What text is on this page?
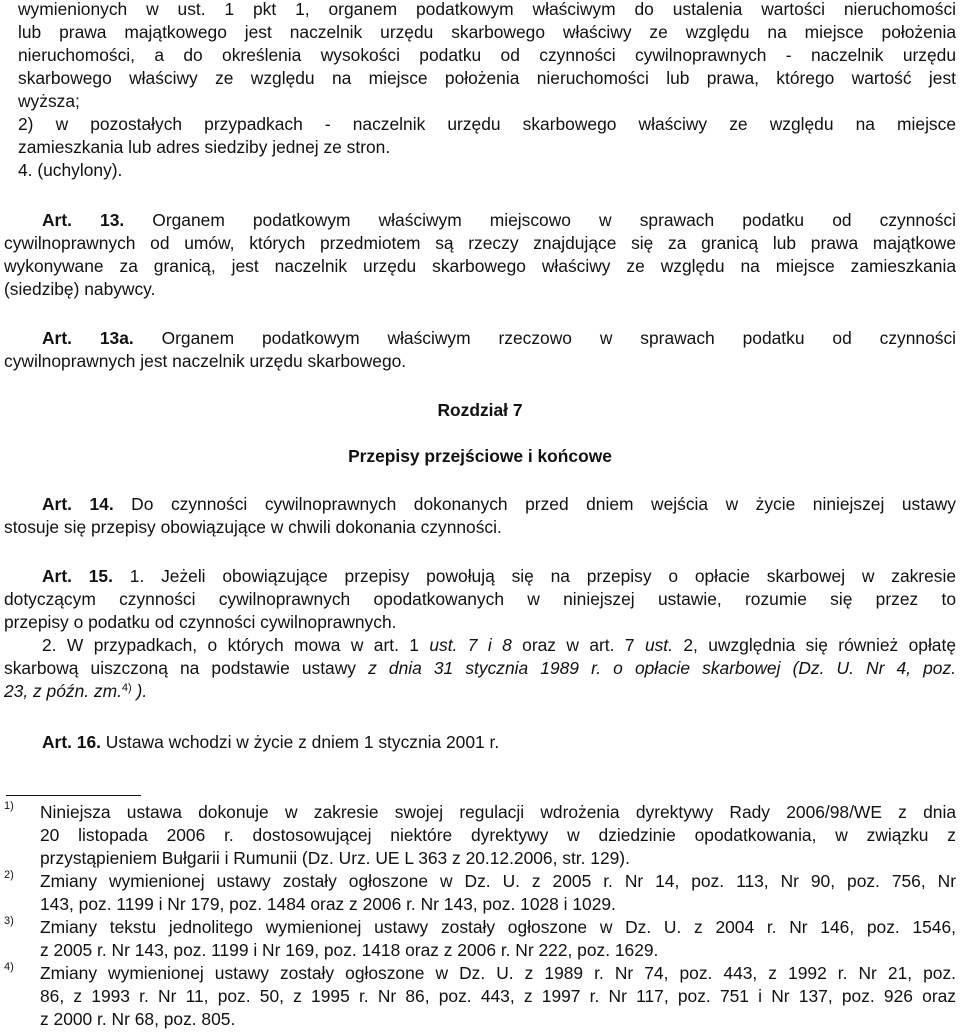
wymienionych w ust. 1 pkt 1, organem podatkowym właściwym do ustalenia wartości nieruchomości
lub prawa majątkowego jest naczelnik urzędu skarbowego właściwy ze względu na miejsce położenia
nieruchomości, a do określenia wysokości podatku od czynności cywilnoprawnych - naczelnik urzędu
skarbowego właściwy ze względu na miejsce położenia nieruchomości lub prawa, którego wartość jest
wyższa;
2) w pozostałych przypadkach - naczelnik urzędu skarbowego właściwy ze względu na miejsce
zamieszkania lub adres siedziby jednej ze stron.
4. (uchylony).
Art. 13. Organem podatkowym właściwym miejscowo w sprawach podatku od czynności
cywilnoprawnych od umów, których przedmiotem są rzeczy znajdujące się za granicą lub prawa majątkowe
wykonywane za granicą, jest naczelnik urzędu skarbowego właściwy ze względu na miejsce zamieszkania
(siedzibę) nabywcy.
Art. 13a. Organem podatkowym właściwym rzeczowo w sprawach podatku od czynności
cywilnoprawnych jest naczelnik urzędu skarbowego.
Rozdział 7
Przepisy przejściowe i końcowe
Art. 14. Do czynności cywilnoprawnych dokonanych przed dniem wejścia w życie niniejszej ustawy
stosuje się przepisy obowiązujące w chwili dokonania czynności.
Art. 15. 1. Jeżeli obowiązujące przepisy powołują się na przepisy o opłacie skarbowej w zakresie
dotyczącym czynności cywilnoprawnych opodatkowanych w niniejszej ustawie, rozumie się przez to
przepisy o podatku od czynności cywilnoprawnych.
2. W przypadkach, o których mowa w art. 1 ust. 7 i 8 oraz w art. 7 ust. 2, uwzględnia się również opłatę
skarbową uiszczoną na podstawie ustawy z dnia 31 stycznia 1989 r. o opłacie skarbowej (Dz. U. Nr 4, poz.
23, z późn. zm.$^{4)}$ ).
Art. 16. Ustawa wchodzi w życie z dniem 1 stycznia 2001 r.
1) Niniejsza ustawa dokonuje w zakresie swojej regulacji wdrożenia dyrektywy Rady 2006/98/WE z dnia
20 listopada 2006 r. dostosowującej niektóre dyrektywy w dziedzinie opodatkowania, w związku z
przystąpieniem Bułgarii i Rumunii (Dz. Urz. UE L 363 z 20.12.2006, str. 129).
2) Zmiany wymienionej ustawy zostały ogłoszone w Dz. U. z 2005 r. Nr 14, poz. 113, Nr 90, poz. 756, Nr
143, poz. 1199 i Nr 179, poz. 1484 oraz z 2006 r. Nr 143, poz. 1028 i 1029.
3) Zmiany tekstu jednolitego wymienionej ustawy zostały ogłoszone w Dz. U. z 2004 r. Nr 146, poz. 1546,
z 2005 r. Nr 143, poz. 1199 i Nr 169, poz. 1418 oraz z 2006 r. Nr 222, poz. 1629.
4) Zmiany wymienionej ustawy zostały ogłoszone w Dz. U. z 1989 r. Nr 74, poz. 443, z 1992 r. Nr 21, poz.
86, z 1993 r. Nr 11, poz. 50, z 1995 r. Nr 86, poz. 443, z 1997 r. Nr 117, poz. 751 i Nr 137, poz. 926 oraz
z 2000 r. Nr 68, poz. 805.
